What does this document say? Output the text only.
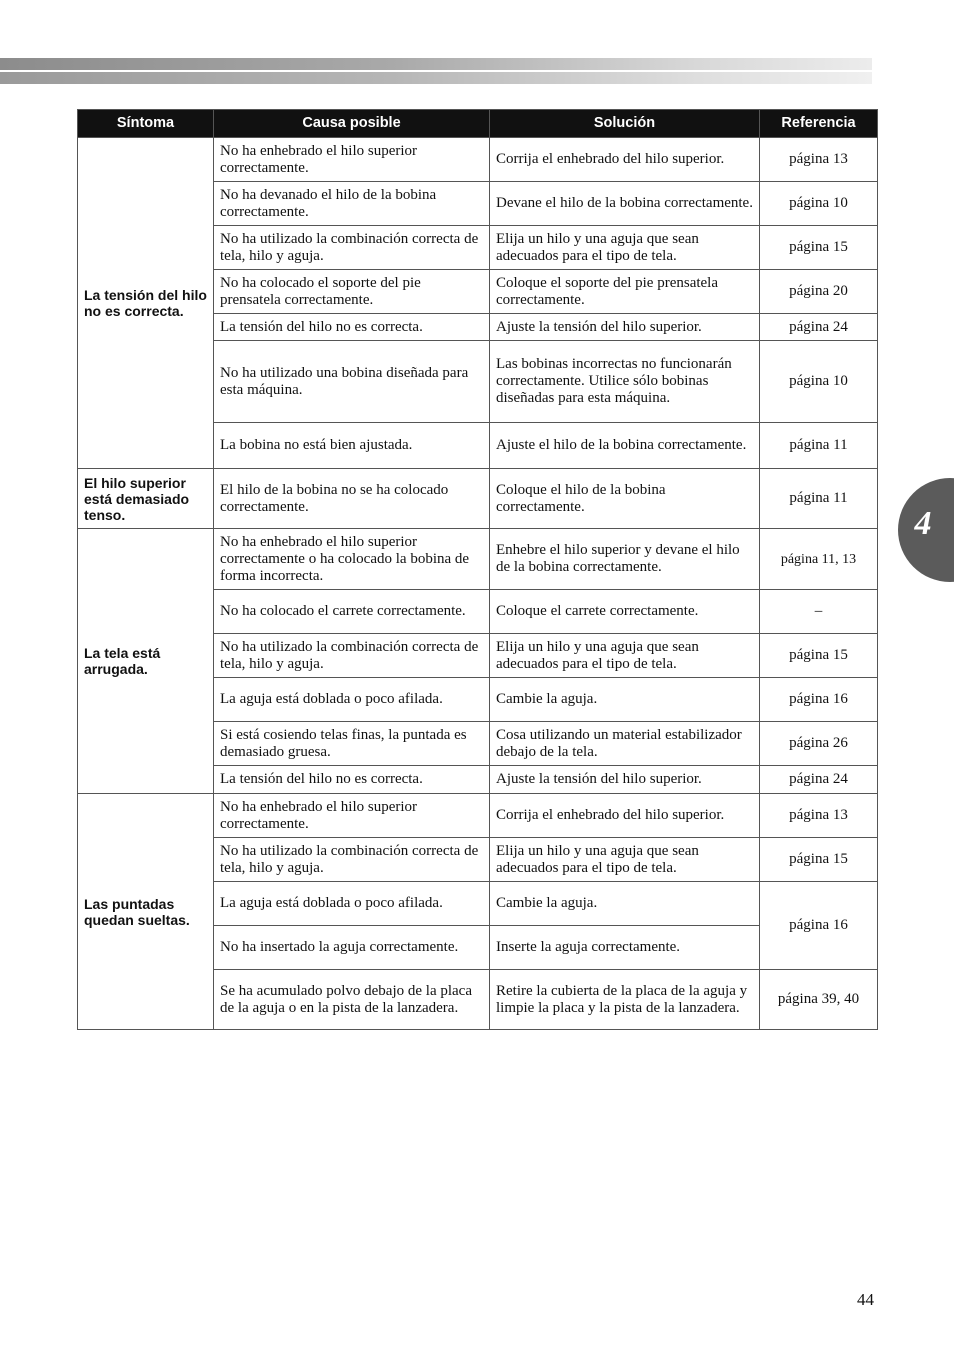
4
Síntoma	Causa posible	Solución	Referencia
La tensión del hilo no es correcta.	No ha enhebrado el hilo superior correctamente.	Corrija el enhebrado del hilo superior.	página 13
	No ha devanado el hilo de la bobina correctamente.	Devane el hilo de la bobina correctamente.	página 10
	No ha utilizado la combinación correcta de tela, hilo y aguja.	Elija un hilo y una aguja que sean adecuados para el tipo de tela.	página 15
	No ha colocado el soporte del pie prensatela correctamente.	Coloque el soporte del pie prensatela correctamente.	página 20
	La tensión del hilo no es correcta.	Ajuste la tensión del hilo superior.	página 24
	No ha utilizado una bobina diseñada para esta máquina.	Las bobinas incorrectas no funcionarán correctamente. Utilice sólo bobinas diseñadas para esta máquina.	página 10
	La bobina no está bien ajustada.	Ajuste el hilo de la bobina correctamente.	página 11
El hilo superior está demasiado tenso.	El hilo de la bobina no se ha colocado correctamente.	Coloque el hilo de la bobina correctamente.	página 11
La tela está arrugada.	No ha enhebrado el hilo superior correctamente o ha colocado la bobina de forma incorrecta.	Enhebre el hilo superior y devane el hilo de la bobina correctamente.	página 11, 13
	No ha colocado el carrete correctamente.	Coloque el carrete correctamente.	–
	No ha utilizado la combinación correcta de tela, hilo y aguja.	Elija un hilo y una aguja que sean adecuados para el tipo de tela.	página 15
	La aguja está doblada o poco afilada.	Cambie la aguja.	página 16
	Si está cosiendo telas finas, la puntada es demasiado gruesa.	Cosa utilizando un material estabilizador debajo de la tela.	página 26
	La tensión del hilo no es correcta.	Ajuste la tensión del hilo superior.	página 24
Las puntadas quedan sueltas.	No ha enhebrado el hilo superior correctamente.	Corrija el enhebrado del hilo superior.	página 13
	No ha utilizado la combinación correcta de tela, hilo y aguja.	Elija un hilo y una aguja que sean adecuados para el tipo de tela.	página 15
	La aguja está doblada o poco afilada.	Cambie la aguja.	página 16
	No ha insertado la aguja correctamente.	Inserte la aguja correctamente.	
	Se ha acumulado polvo debajo de la placa de la aguja o en la pista de la lanzadera.	Retire la cubierta de la placa de la aguja y limpie la placa y la pista de la lanzadera.	página 39, 40
44
